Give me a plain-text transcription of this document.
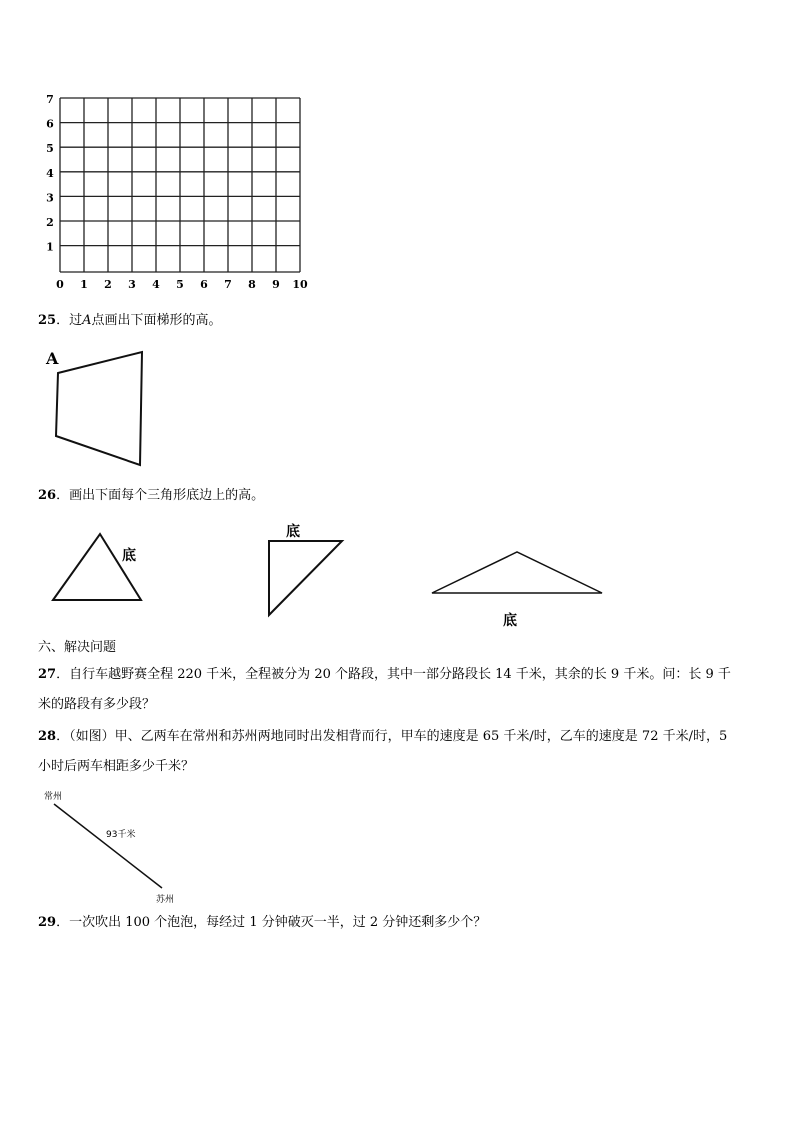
7
6
5
4
3
2
1
0 1 2 3 4 5 6 7 8 9 10
25．过A点画出下面梯形的高。
A
26．画出下面每个三角形底边上的高。
底
底
底
六、解决问题
27．自行车越野赛全程 220 千米，全程被分为 20 个路段，其中一部分路段长 14 千米，其余的长 9 千米。问：长 9 千
米的路段有多少段？
28．（如图）甲、乙两车在常州和苏州两地同时出发相背而行，甲车的速度是 65 千米/时，乙车的速度是 72 千米/时，5
小时后两车相距多少千米？
常州
93千米
苏州
29．一次吹出 100 个泡泡，每经过 1 分钟破灭一半，过 2 分钟还剩多少个？
